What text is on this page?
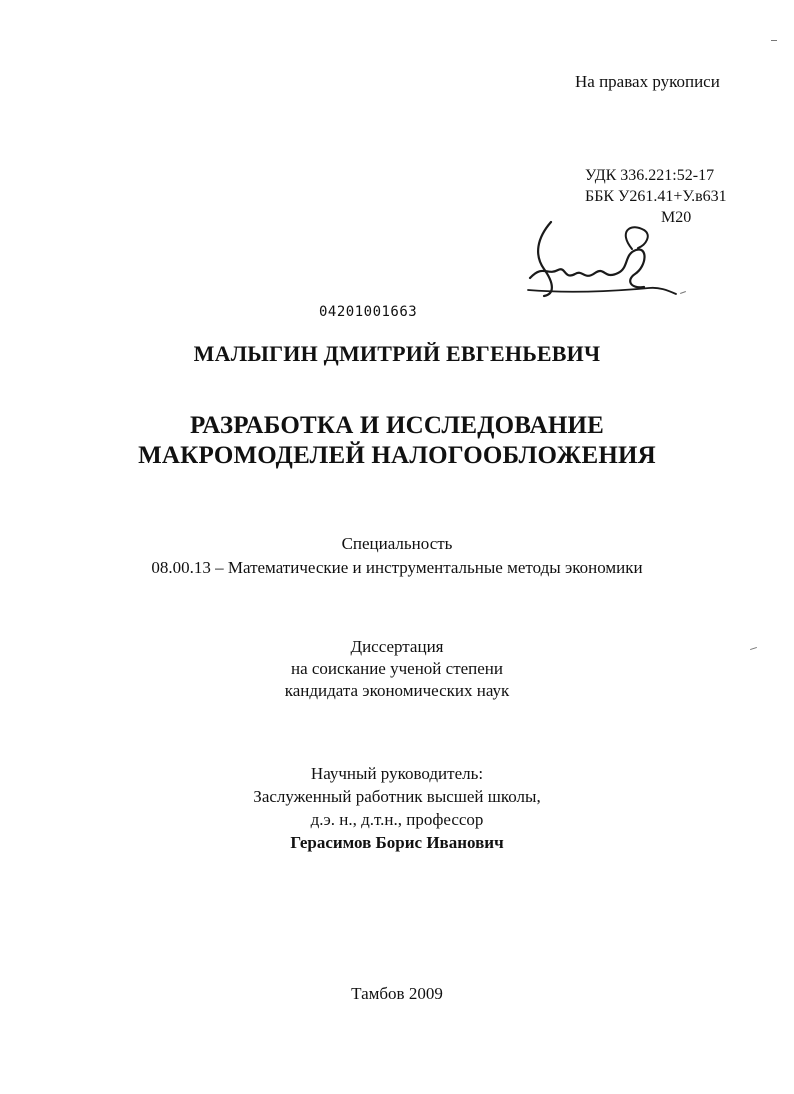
На правах рукописи

УДК 336.221:52-17
ББК У261.41+У.в631
М20

04201001663

МАЛЫГИН ДМИТРИЙ ЕВГЕНЬЕВИЧ

РАЗРАБОТКА И ИССЛЕДОВАНИЕ
МАКРОМОДЕЛЕЙ НАЛОГООБЛОЖЕНИЯ
Специальность
08.00.13 – Математические и инструментальные методы экономики
Диссертация
на соискание ученой степени
кандидата экономических наук
Научный руководитель:
Заслуженный работник высшей школы,
д.э. н., д.т.н., профессор
Герасимов Борис Иванович

Тамбов 2009
